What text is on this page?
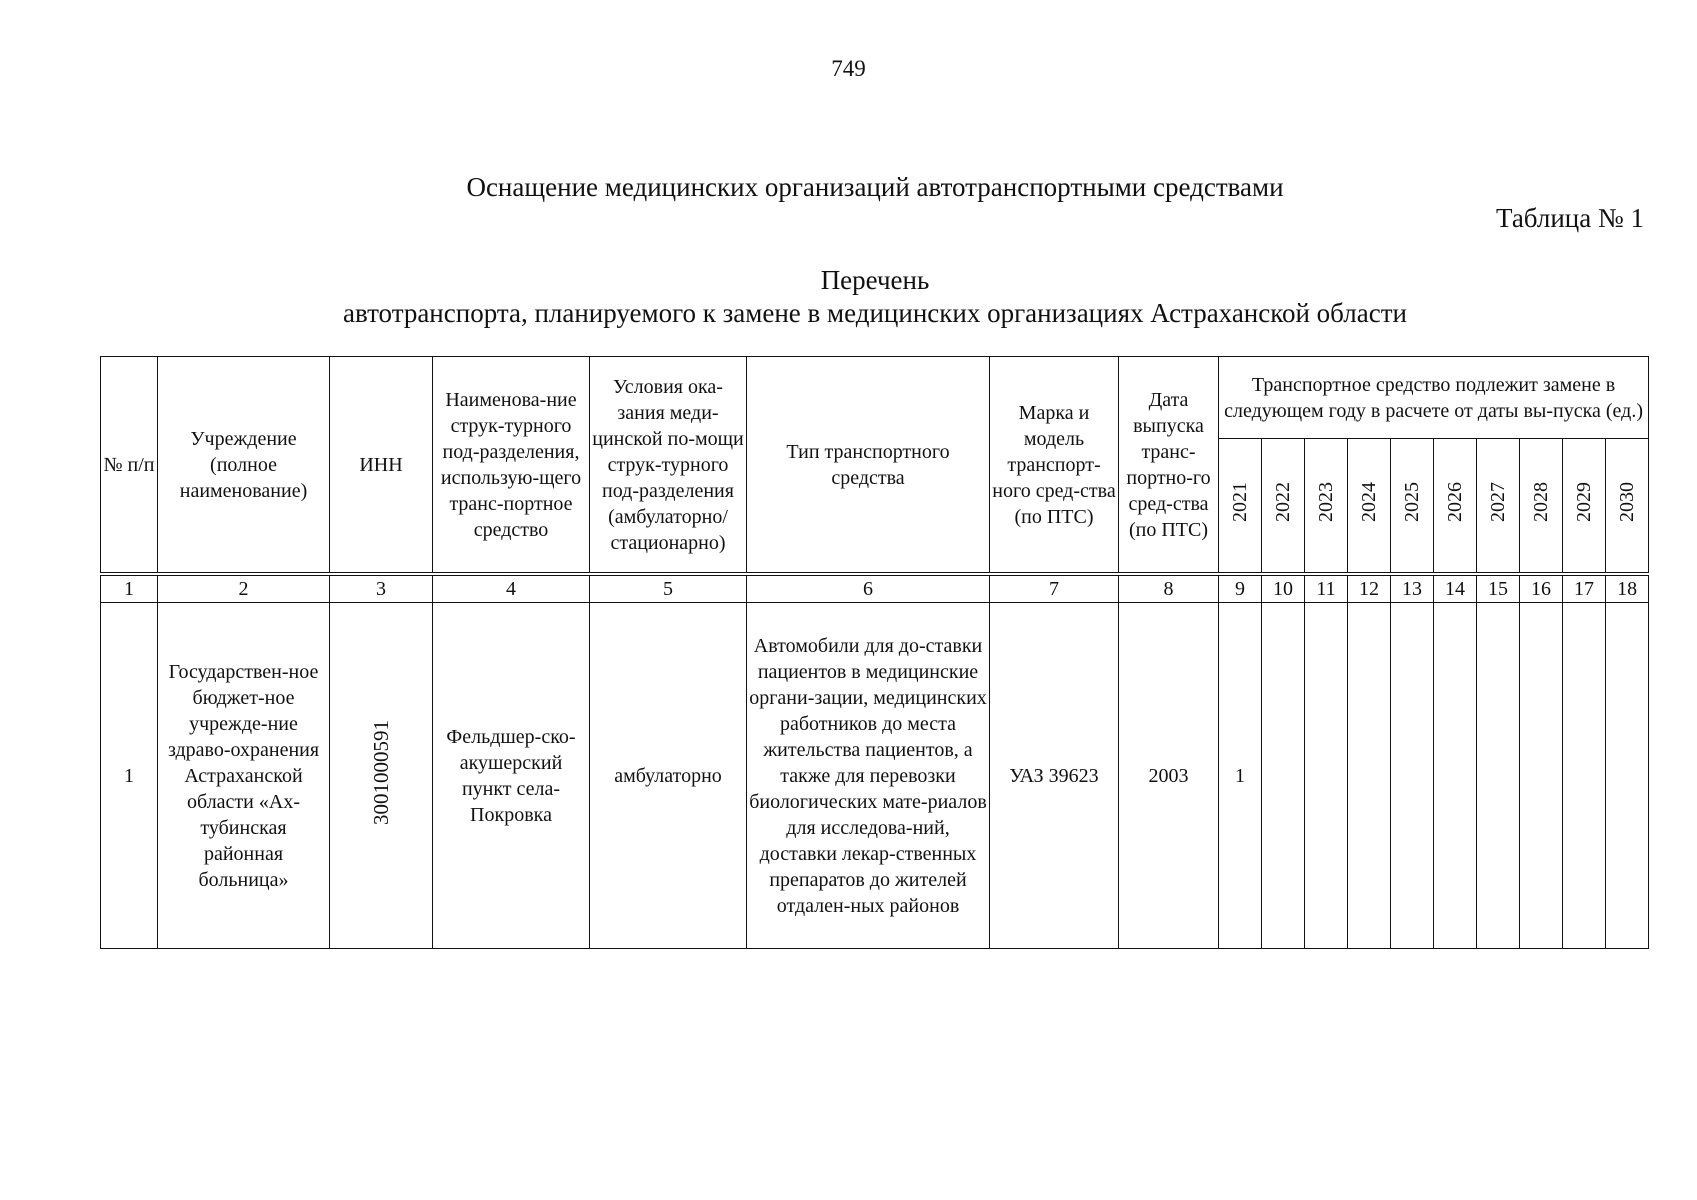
749
Оснащение медицинских организаций автотранспортными средствами
Таблица № 1
Перечень
автотранспорта, планируемого к замене в медицинских организациях Астраханской области
№ п/п	Учреждение (полное наименование)	ИНН	Наименова-ние струк-турного под-разделения, использую-щего транс-портное средство	Условия ока-зания меди-цинской по-мощи струк-турного под-разделения (амбулаторно/ стационарно)	Тип транспортного средства	Марка и модель транспорт-ного сред-ства (по ПТС)	Дата выпуска транс-портно-го сред-ства (по ПТС)	Транспортное средство подлежит замене в следующем году в расчете от даты вы-пуска (ед.)									
								2021	2022	2023	2024	2025	2026	2027	2028	2029	2030
1	2	3	4	5	6	7	8	9	10	11	12	13	14	15	16	17	18
1	Государствен-ное бюджет-ное учрежде-ние здраво-охранения Астраханской области «Ах-тубинская районная больница»	3001000591	Фельдшер-ско-акушерский пункт села-Покровка	амбулаторно	Автомобили для до-ставки пациентов в медицинские органи-зации, медицинских работников до места жительства пациентов, а также для перевозки биологических мате-риалов для исследова-ний, доставки лекар-ственных препаратов до жителей отдален-ных районов	УАЗ 39623	2003	1									
